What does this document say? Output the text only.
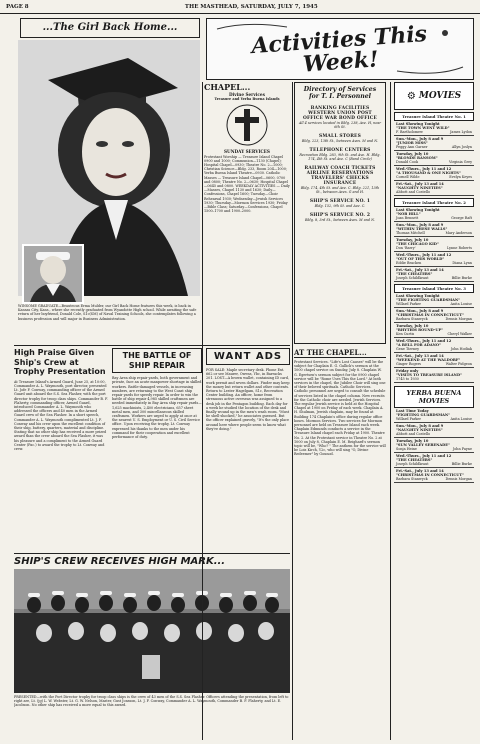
PAGE 8	THE MASTHEAD, SATURDAY, JULY 7, 1945
...The Girl Back Home...
WINSOME GRADUATE—Beauteous Erma Mulder, our Girl Back Home features this week, is back in Kansas City, Kans., where she recently graduated from Wyandotte High school. While awaiting the safe return of her boyfriend, Donald Cole, S1c(SM) of Naval Training Schools, she contemplates following a business profession and will major in Business Administration.
Activities This Week!
CHAPEL...
Divine Services
Treasure and Yerba Buena Islands
SUNDAY SERVICES
Protestant Worship — Treasure Island Chapel 0900 and 1000; Communion—1130 (Chapel); Hospital Chapel—0930; Theatre No. 2—1000; Christian Science—Bldg. 233, Room 204—1000; Yerba Buena Island Theatre—0930. Catholic Masses — Treasure Island Chapel—0600, 0700 and 0800; Theatre No. 2—0630; Hospital Chapel—0645 and 0800. WEEKDAY ACTIVITIES — Daily—Masses, Chapel 1130 and 1630; Daily—Confessions, Chapel 1600; Tuesday—Choir Rehearsal 1930; Wednesday—Jewish Services 1930; Thursday—Mormon Services 1930; Friday—Bible Class; Saturday—Confessions, Chapel 1500–1700 and 1900–2000.
Directory of Services for T. I. Personnel
BANKING FACILITIES WESTERN UNION POST OFFICE WAR BOND OFFICE
All 4 services located in Bldg. 238, Ave. H, near 6th St.
SMALL STORES
Bldg. 223, 13th St., between Aves. M and N.
TELEPHONE CENTERS
Recreation Bldg. 283, 9th St. and Ave. H. Bldg. 174, 4th St. and Ave. C (Band Circle)
RAILWAY COACH TICKETS AIRLINE RESERVATIONS TRAVELERS' CHECKS INSURANCE
Bldg. 174, 4th St. and Ave. C. Bldg. 221, 13th St., between Aves. G and H.
SHIP'S SERVICE NO. 1
Bldg. 152, 9th St. and Ave. C.
SHIP'S SERVICE NO. 2
Bldg. 8, 3rd St., between Aves. M and N.
High Praise Given Ship's Crew at Trophy Presentation
At Treasure Island's Armed Guard, June 25, at 10:00, Commander A. L. Waymouth, port director, presented Lt. Jofe F. Conway, commanding officer of the Armed Guard unit aboard the S.S. Sea Flasher, with the port director trophy for troop class ships. Commander B. F. Flaherty, commanding officer, Armed Guard, introduced Commander A. L. Waymouth who addressed the officers and 40 men in the Armed Guard crew of the Sea Flasher. In a short speech, Commander A. L. Waymouth complimented Lt. J. F. Conway and his crew upon the excellent condition of their ship, battery, quarters, material and discipline. Stating that no other ship has received a more prized award than the crew aboard the Sea Flasher, it was his pleasure and a compliment to the Armed Guard Center (Pac.) to award the trophy to Lt. Conway and crew.
THE BATTLE OF SHIP REPAIR
Bay Area ship repair yards, both government and private, face an acute manpower shortage in skilled workers. Battle-damaged vessels, in increasing numbers, are returning to the West Coast ship repair yards for speedy repair. In order to win the battle of ship repair 4,985 skilled craftsmen are needed immediately in Bay Area ship repair yards—1,625 machinists, 2,400 electricians, 657 sheet metal men, and 300 miscellaneous skilled craftsmen. Workers are urged to apply at once at the nearest U. S. Employment or U. S. Civil Service office. Upon receiving the trophy, Lt. Conway expressed his thanks to the men under his command for their cooperation and excellent performance of duty.
WANT ADS
FOR SALE: Maple secretary desk. Phone Ext. 662 or see Maurer, Owens, Ybc, in Barracks 201. LOST—A brown wallet, containing ID card, work permit and seven dollars. Finder may keep the money but return wallet and other contents. Return to Lester Hagelgam, S1c, Recreation Center building. An officer, home from strenuous active overseas was assigned to a desk job in the Pentagon building. Each day for a week he studied the location of the desk and finally wound up in the men's wash room. "Must be shell-shocked," he associates guessed. But the officer explained gravely, "It's the only place around here where people seem to know what they're doing."
AT THE CHAPEL...
Protestant Services. "Life's Lost Causes" will be the subject for Chaplain E. G. Gallick's sermon at the 1000 chapel service on Sunday, July 8. Chaplain W. G. Egertsen's sermon subject for the 0900 chapel service will be "Rome Uses This the Lord." At both services in the chapel, the Jubilee Choir will sing one of their beloved spirituals. Catholic Services. Catholic personnel are urged to consult the schedule of services listed in the chapel column. New recruits for the Catholic choir are needed. Jewish Services. The regular Jewish service is held at the Hospital Chapel at 1900 on Friday of each week. Chaplain A. H. Shulman, Jewish chaplain, may be found at Building 174 Chaplain's office during regular office hours. Mormon Services. Two services for Mormon personnel are held on Treasure Island each week. Chaplain Edmunds conducts a service in the Treasure Island chapel each Friday at 1900. Theatre No. 2. At the Protestant service in Theatre No. 2 at 1000 on July 8, Chaplain E. M. Reighard's sermon topic will be, "Who? " The anthem for the service will be Lois Kirch, Y2c, who will sing "O, Divine Redeemer" by Gounod.
SHIP'S CREW RECEIVES HIGH MARK...
PRESENTED—with the Port Director trophy for troop class ships is the crew of 43 men of the S.S. Sea Flasher. Officers attending the presentation, from left to right are, Lt. (jg) L. W. Webster, Lt. G. W. Nelson, Master, Gust Jonsson, Lt. J. F. Conway, Commander A. L. Waymouth, Commander B. F. Flaherty, and Lt. E. Jacobson. No other ship has received a more equal to this award.
⚙ MOVIES
Treasure Island Theatre No. 1
Last Showing Tonight
"THE TOWN WENT WILD"
F. Bartholomew	James Lydon
Sun.-Mon., July 8 and 9
"JUNIOR MISS"
Peggy Ann Garner	Allyn Joslyn
Tuesday, July 10
"BLONDE RANSOM"
Donald Cook	Virginia Grey
Wed.-Thurs., July 11 and 12
"A THOUSAND & ONE NIGHTS"
Cornell Wilde	Evelyn Keyes
Fri.-Sat., July 13 and 14
"NAUGHTY NINETIES"
Abbott and Costello
Treasure Island Theatre No. 2
Last Showing Tonight
"NOB HILL"
Joan Bennett	George Raft
Sun.-Mon., July 8 and 9
"WITHIN THESE WALLS"
Thomas Mitchell	Mary Anderson
Tuesday, July 10
"THE CHICAGO KID"
Don 'Barry'	Lynne Roberts
Wed.-Thurs., July 11 and 12
"OUT OF THIS WORLD"
Eddie Bracken	Diana Lynn
Fri.-Sat., July 13 and 14
"THE CHEATERS"
Joseph Schildkraut	Billie Burke
Treasure Island Theatre No. 3
Last Showing Tonight
"THE FIGHTING GUARDSMAN"
Willard Parker	Anita Louise
Sun.-Mon., July 8 and 9
"CHRISTMAS IN CONNECTICUT"
Barbara Stanwyck	Dennis Morgan
Tuesday, July 10
"RHYTHM ROUND-UP"
Ken Curtis	Cheryl Walker
Wed.-Thurs., July 11 and 12
"A BELL FOR ADANO"
Gene Tierney	John Hodiak
Fri.-Sat., July 13 and 14
"WEEKEND AT THE WALDORF"
Ginger Rogers	Walter Pidgeon
Friday only
"VISITS TO TREASURE ISLAND"
1745 to 1930
YERBA BUENA MOVIES
Last Time Today
"FIGHTING GUARDSMAN"
Willard Parker	Anita Louise
Sun.-Mon., July 8 and 9
"NAUGHTY NINETIES"
Abbott and Costello
Tuesday, July 10
"SUN VALLEY SERENADE"
Sonja Heine	John Payne
Wed.-Thurs., July 11 and 12
"THE CHEATERS"
Joseph Schildkraut	Billie Burke
Fri.-Sat., July 13 and 14
"CHRISTMAS IN CONNECTICUT"
Barbara Stanwyck	Dennis Morgan
